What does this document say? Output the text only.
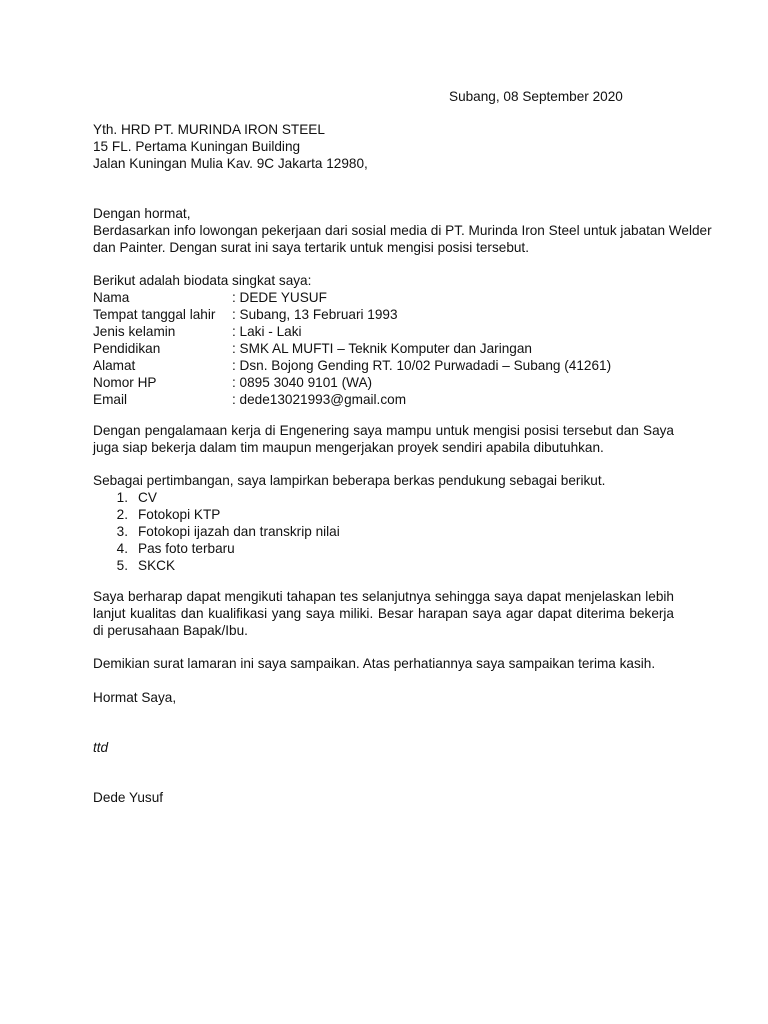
Subang, 08 September 2020
Yth. HRD PT. MURINDA IRON STEEL
15 FL. Pertama Kuningan Building
Jalan Kuningan Mulia Kav. 9C Jakarta 12980,
Dengan hormat,
Berdasarkan info lowongan pekerjaan dari sosial media di PT. Murinda Iron Steel untuk jabatan Welder
dan Painter. Dengan surat ini saya tertarik untuk mengisi posisi tersebut.
Berikut adalah biodata singkat saya:
Nama	: DEDE YUSUF
Tempat tanggal lahir	: Subang, 13 Februari 1993
Jenis kelamin	: Laki - Laki
Pendidikan	: SMK AL MUFTI – Teknik Komputer dan Jaringan
Alamat	: Dsn. Bojong Gending RT. 10/02 Purwadadi – Subang (41261)
Nomor HP	: 0895 3040 9101 (WA)
Email	: dede13021993@gmail.com
Dengan pengalamaan kerja di Engenering saya mampu untuk mengisi posisi tersebut dan Saya juga siap bekerja dalam tim maupun mengerjakan proyek sendiri apabila dibutuhkan.
Sebagai pertimbangan, saya lampirkan beberapa berkas pendukung sebagai berikut.
1. CV
2. Fotokopi KTP
3. Fotokopi ijazah dan transkrip nilai
4. Pas foto terbaru
5. SKCK
Saya berharap dapat mengikuti tahapan tes selanjutnya sehingga saya dapat menjelaskan lebih lanjut kualitas dan kualifikasi yang saya miliki. Besar harapan saya agar dapat diterima bekerja di perusahaan Bapak/Ibu.
Demikian surat lamaran ini saya sampaikan. Atas perhatiannya saya sampaikan terima kasih.
Hormat Saya,
ttd
Dede Yusuf
